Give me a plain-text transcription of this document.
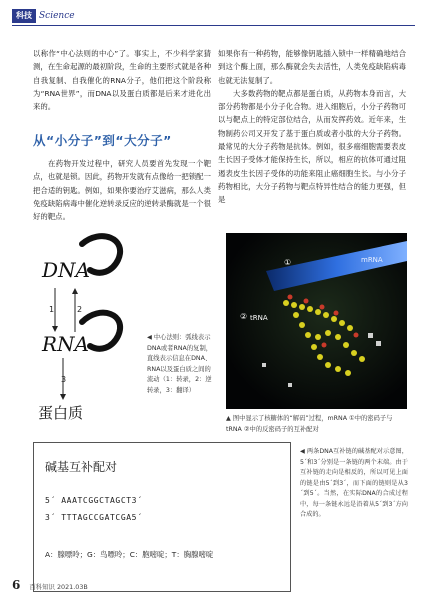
科技 Science

以称作“中心法则的中心”了。事实上，不少科学家猜测，在生命起源的最初阶段，生命的主要形式就是各种自我复制、自我催化的RNA分子，他们把这个阶段称为“RNA世界”，而DNA以及蛋白质都是后来才进化出来的。

从“小分子”到“大分子”

在药物开发过程中，研究人员要首先发现一个靶点，也就是锁。因此，药物开发就有点像给一把锁配一把合适的钥匙。例如，如果你要治疗艾滋病，那么人类免疫缺陷病毒中催化逆转录反应的逆转录酶就是一个很好的靶点。

如果你有一种药物，能够像钥匙插入锁中一样精确地结合到这个酶上面，那么酶就会失去活性，人类免疫缺陷病毒也就无法复制了。

大多数药物的靶点都是蛋白质，从药物本身而言，大部分药物都是小分子化合物。进入细胞后，小分子药物可以与靶点上的特定部位结合，从而发挥药效。近年来，生物制药公司又开发了基于蛋白质或者小肽的大分子药物。最常见的大分子药物是抗体。例如，很多癌细胞需要表皮生长因子受体才能保持生长，所以，相应的抗体可通过阻遏表皮生长因子受体的功能来阻止癌细胞生长。与小分子药物相比，大分子药物与靶点特异性结合的能力更强，但是

DNA
RNA
蛋白质
1	2
3
◀ 中心法则：弧线表示DNA或者RNA的复制，直线表示信息在DNA、RNA以及蛋白质之间的流动（1：转录，2：逆转录，3：翻译）
mRNA
①
② tRNA
▲ 图中显示了核糖体的“解码”过程，mRNA ①中的密码子与tRNA ②中的反密码子的互补配对
碱基互补配对
5´ AAATCGGCTAGCT3´
3´ TTTAGCCGATCGA5´
A：腺嘌呤；G：鸟嘌呤；C：胞嘧啶；T：胸腺嘧啶
◀ 两条DNA互补链的碱基配对示意图，5´和3´分别是一条链的两个末端。由于互补链的走向是相反的，所以可见上面的链是由5´到3´，而下面的链则是从3´到5´。当然，在实际DNA的合成过程中，每一条链永远是沿着从5´到3´方向合成的。
6 百科知识 2021.03B
